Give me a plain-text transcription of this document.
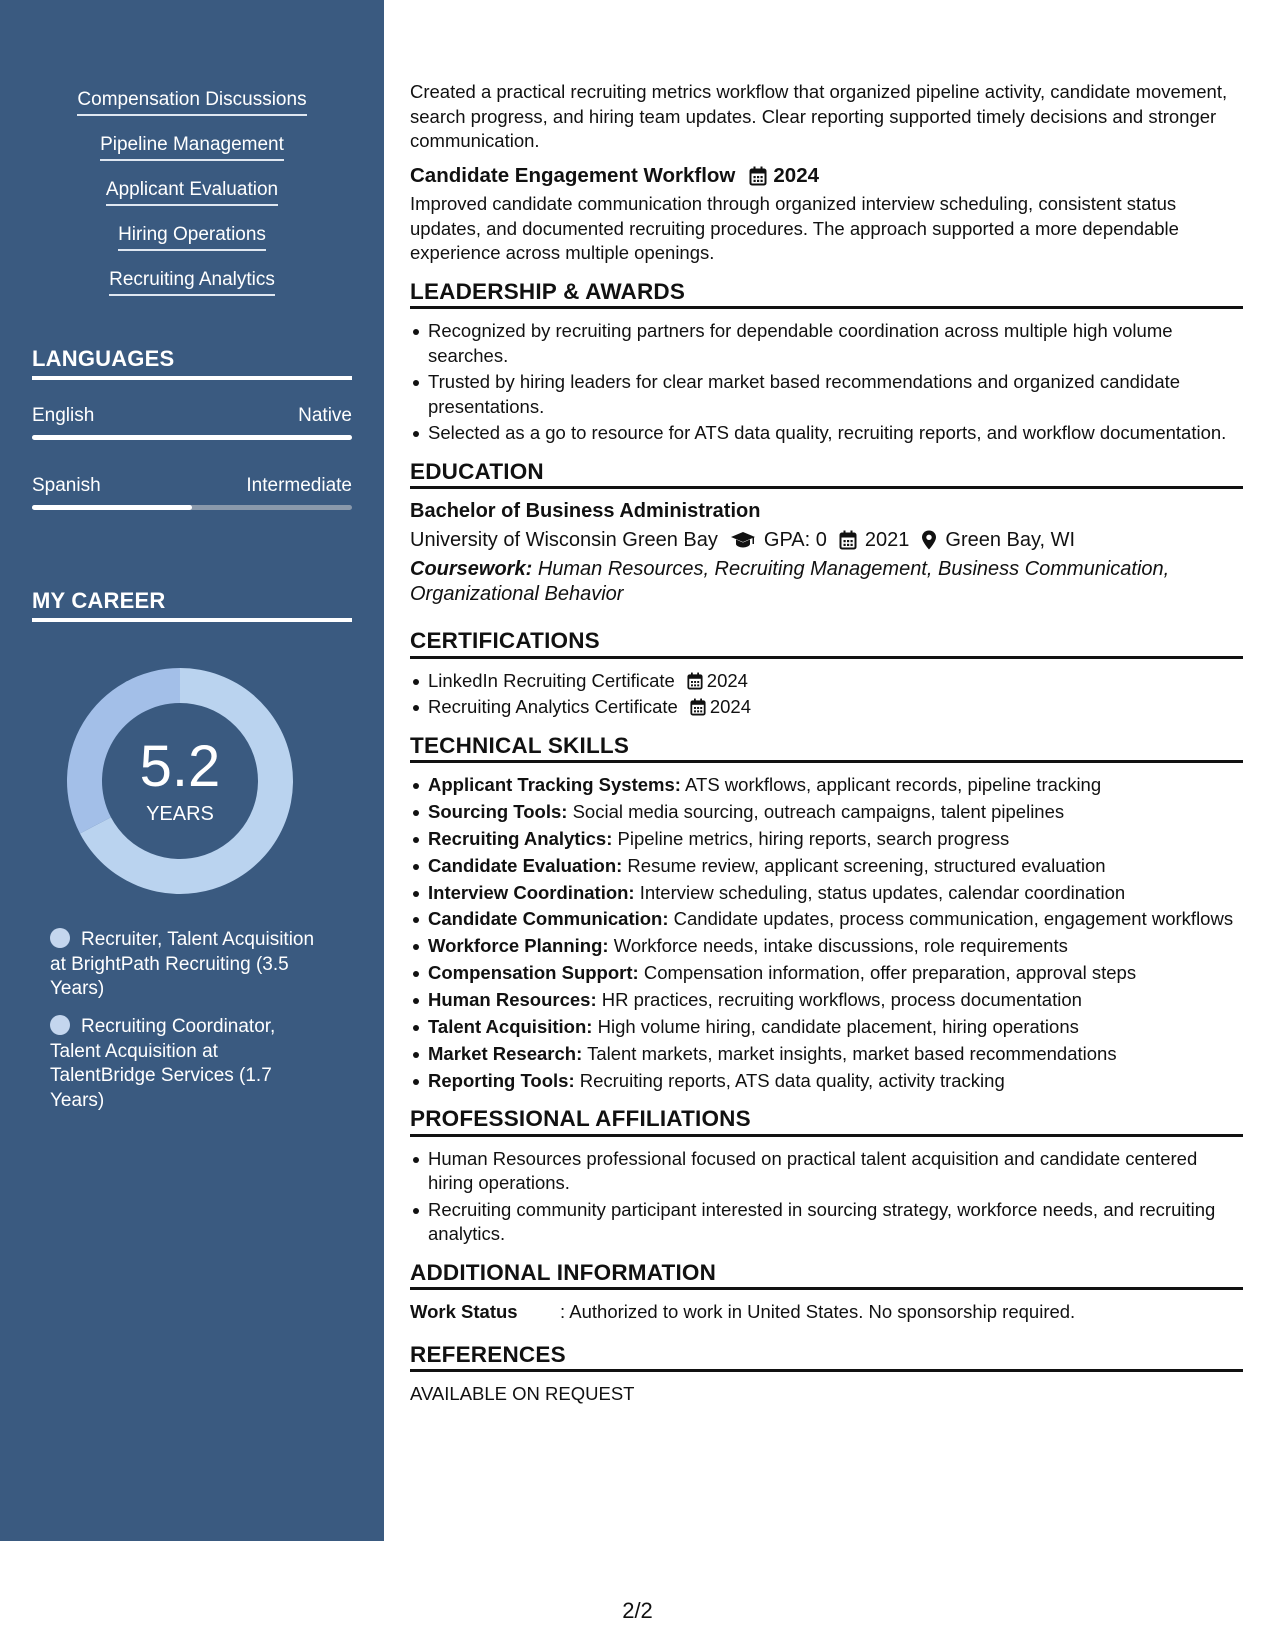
Compensation Discussions
Pipeline Management
Applicant Evaluation
Hiring Operations
Recruiting Analytics
LANGUAGES
English	Native
Spanish	Intermediate
MY CAREER
5.2
YEARS
Recruiter, Talent Acquisition at BrightPath Recruiting (3.5 Years)
Recruiting Coordinator, Talent Acquisition at TalentBridge Services (1.7 Years)
Created a practical recruiting metrics workflow that organized pipeline activity, candidate movement, search progress, and hiring team updates. Clear reporting supported timely decisions and stronger communication.
Candidate Engagement Workflow 2024
Improved candidate communication through organized interview scheduling, consistent status updates, and documented recruiting procedures. The approach supported a more dependable experience across multiple openings.
LEADERSHIP & AWARDS
Recognized by recruiting partners for dependable coordination across multiple high volume searches.
Trusted by hiring leaders for clear market based recommendations and organized candidate presentations.
Selected as a go to resource for ATS data quality, recruiting reports, and workflow documentation.
EDUCATION
Bachelor of Business Administration
University of Wisconsin Green Bay GPA: 0 2021 Green Bay, WI
Coursework: Human Resources, Recruiting Management, Business Communication, Organizational Behavior
CERTIFICATIONS
LinkedIn Recruiting Certificate 2024
Recruiting Analytics Certificate 2024
TECHNICAL SKILLS
Applicant Tracking Systems: ATS workflows, applicant records, pipeline tracking
Sourcing Tools: Social media sourcing, outreach campaigns, talent pipelines
Recruiting Analytics: Pipeline metrics, hiring reports, search progress
Candidate Evaluation: Resume review, applicant screening, structured evaluation
Interview Coordination: Interview scheduling, status updates, calendar coordination
Candidate Communication: Candidate updates, process communication, engagement workflows
Workforce Planning: Workforce needs, intake discussions, role requirements
Compensation Support: Compensation information, offer preparation, approval steps
Human Resources: HR practices, recruiting workflows, process documentation
Talent Acquisition: High volume hiring, candidate placement, hiring operations
Market Research: Talent markets, market insights, market based recommendations
Reporting Tools: Recruiting reports, ATS data quality, activity tracking
PROFESSIONAL AFFILIATIONS
Human Resources professional focused on practical talent acquisition and candidate centered hiring operations.
Recruiting community participant interested in sourcing strategy, workforce needs, and recruiting analytics.
ADDITIONAL INFORMATION
Work Status	: Authorized to work in United States. No sponsorship required.
REFERENCES
AVAILABLE ON REQUEST
2/2
